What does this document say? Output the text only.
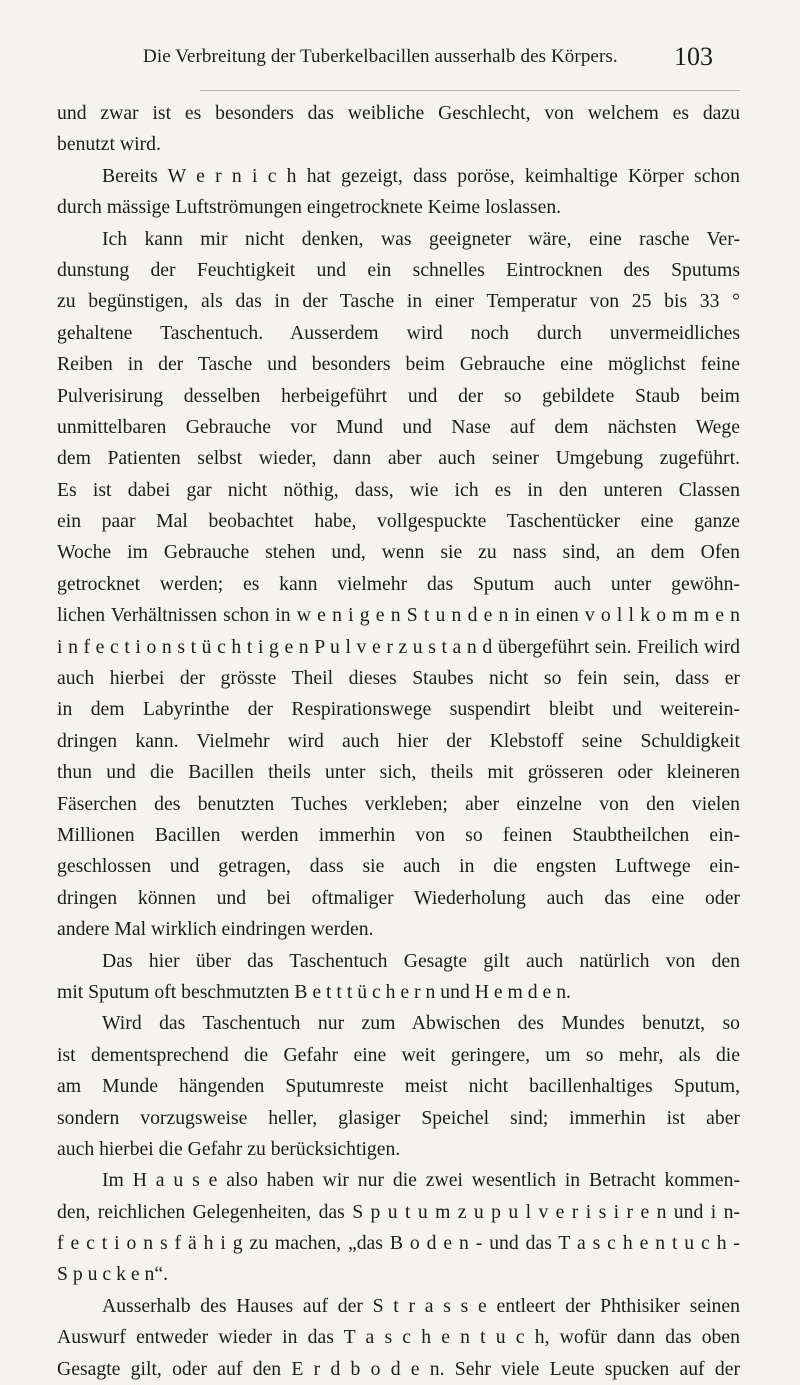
Die Verbreitung der Tuberkelbacillen ausserhalb des Körpers. 103
und zwar ist es besonders das weibliche Geschlecht, von welchem es dazu
benutzt wird.
Bereits W e r n i c h hat gezeigt, dass poröse, keimhaltige Körper schon
durch mässige Luftströmungen eingetrocknete Keime loslassen.
Ich kann mir nicht denken, was geeigneter wäre, eine rasche Ver-
dunstung der Feuchtigkeit und ein schnelles Eintrocknen des Sputums
zu begünstigen, als das in der Tasche in einer Temperatur von 25 bis 33 °
gehaltene Taschentuch. Ausserdem wird noch durch unvermeidliches
Reiben in der Tasche und besonders beim Gebrauche eine möglichst feine
Pulverisirung desselben herbeigeführt und der so gebildete Staub beim
unmittelbaren Gebrauche vor Mund und Nase auf dem nächsten Wege
dem Patienten selbst wieder, dann aber auch seiner Umgebung zugeführt.
Es ist dabei gar nicht nöthig, dass, wie ich es in den unteren Classen
ein paar Mal beobachtet habe, vollgespuckte Taschentücker eine ganze
Woche im Gebrauche stehen und, wenn sie zu nass sind, an dem Ofen
getrocknet werden; es kann vielmehr das Sputum auch unter gewöhn-
lichen Verhältnissen schon in w e n i g e n S t u n d e n in einen v o l l k o m m e n
i n f e c t i o n s t ü c h t i g e n P u l v e r z u s t a n d übergeführt sein. Freilich wird
auch hierbei der grösste Theil dieses Staubes nicht so fein sein, dass er
in dem Labyrinthe der Respirationswege suspendirt bleibt und weiterein-
dringen kann. Vielmehr wird auch hier der Klebstoff seine Schuldigkeit
thun und die Bacillen theils unter sich, theils mit grösseren oder kleineren
Fäserchen des benutzten Tuches verkleben; aber einzelne von den vielen
Millionen Bacillen werden immerhin von so feinen Staubtheilchen ein-
geschlossen und getragen, dass sie auch in die engsten Luftwege ein-
dringen können und bei oftmaliger Wiederholung auch das eine oder
andere Mal wirklich eindringen werden.
Das hier über das Taschentuch Gesagte gilt auch natürlich von den
mit Sputum oft beschmutzten B e t t t ü c h e r n und H e m d e n.
Wird das Taschentuch nur zum Abwischen des Mundes benutzt, so
ist dementsprechend die Gefahr eine weit geringere, um so mehr, als die
am Munde hängenden Sputumreste meist nicht bacillenhaltiges Sputum,
sondern vorzugsweise heller, glasiger Speichel sind; immerhin ist aber
auch hierbei die Gefahr zu berücksichtigen.
Im H a u s e also haben wir nur die zwei wesentlich in Betracht kommen-
den, reichlichen Gelegenheiten, das S p u t u m z u p u l v e r i s i r e n und i n-
f e c t i o n s f ä h i g zu machen, „das B o d e n - und das T a s c h e n t u c h -
S p u c k e n“.
Ausserhalb des Hauses auf der S t r a s s e entleert der Phthisiker seinen
Auswurf entweder wieder in das T a s c h e n t u c h, wofür dann das oben
Gesagte gilt, oder auf den E r d b o d e n. Sehr viele Leute spucken auf der
